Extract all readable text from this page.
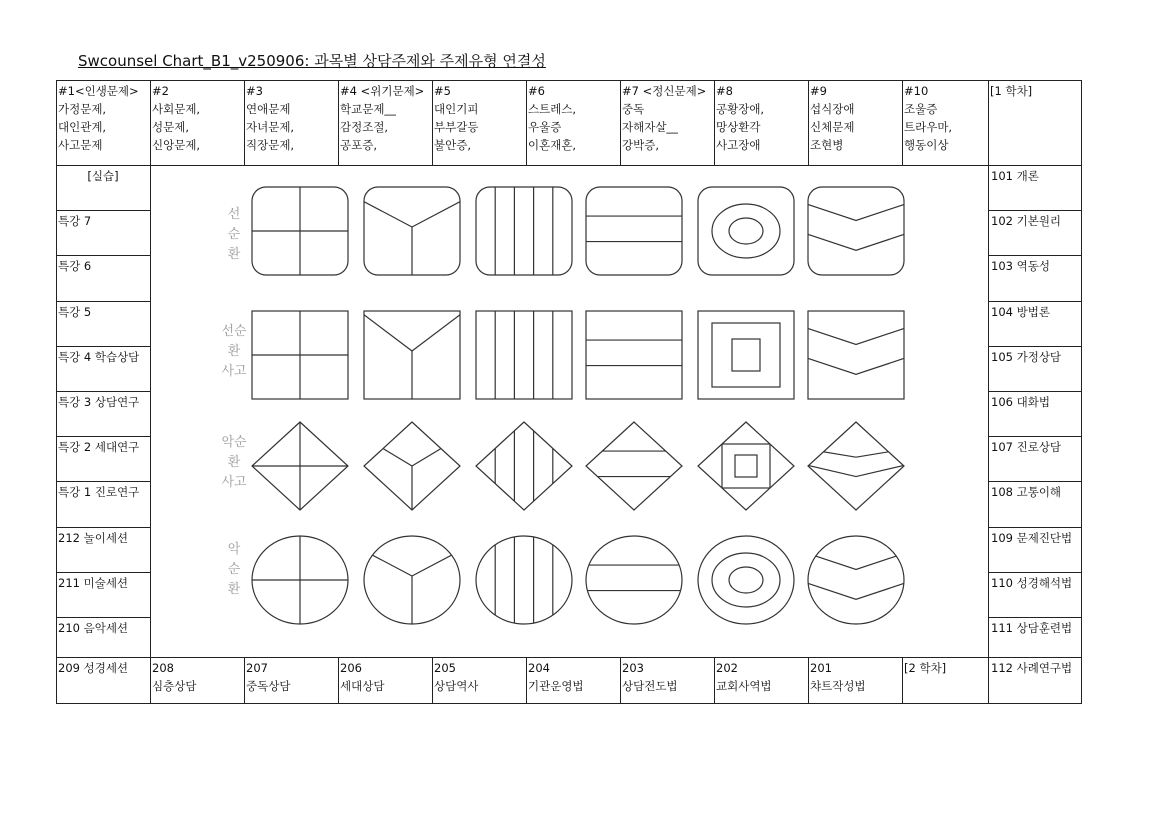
Swcounsel Chart_B1_v250906: 과목별 상담주제와 주제유형 연결성
#1<인생문제>
가정문제,
대인관계,
사고문제
#2
사회문제,
성문제,
신앙문제,
#3
연애문제
자녀문제,
직장문제,
#4 <위기문제>
학교문제__
감정조절,
공포증,
#5
대인기피
부부갈등
불안증,
#6
스트레스,
우울증
이혼재혼,
#7 <정신문제>
중독
자해자살__
강박증,
#8
공황장애,
망상환각
사고장애
#9
섭식장애
신체문제
조현병
#10
조울증
트라우마,
행동이상
[1 학차]
[실습]
특강 7
특강 6
특강 5
특강 4 학습상담
특강 3 상담연구
특강 2 세대연구
특강 1 진로연구
212 놀이세션
211 미술세션
210 음악세션
209 성경세션
101 개론
102 기본원리
103 역동성
104 방법론
105 가정상담
106 대화법
107 진로상담
108 고통이해
109 문제진단법
110 성경해석법
111 상담훈련법
112 사례연구법
208
심층상담
207
중독상담
206
세대상담
205
상담역사
204
기관운영법
203
상담전도법
202
교회사역법
201
챠트작성법
[2 학차]
선
순
환
선순
환
사고
악순
환
사고
악
순
환
